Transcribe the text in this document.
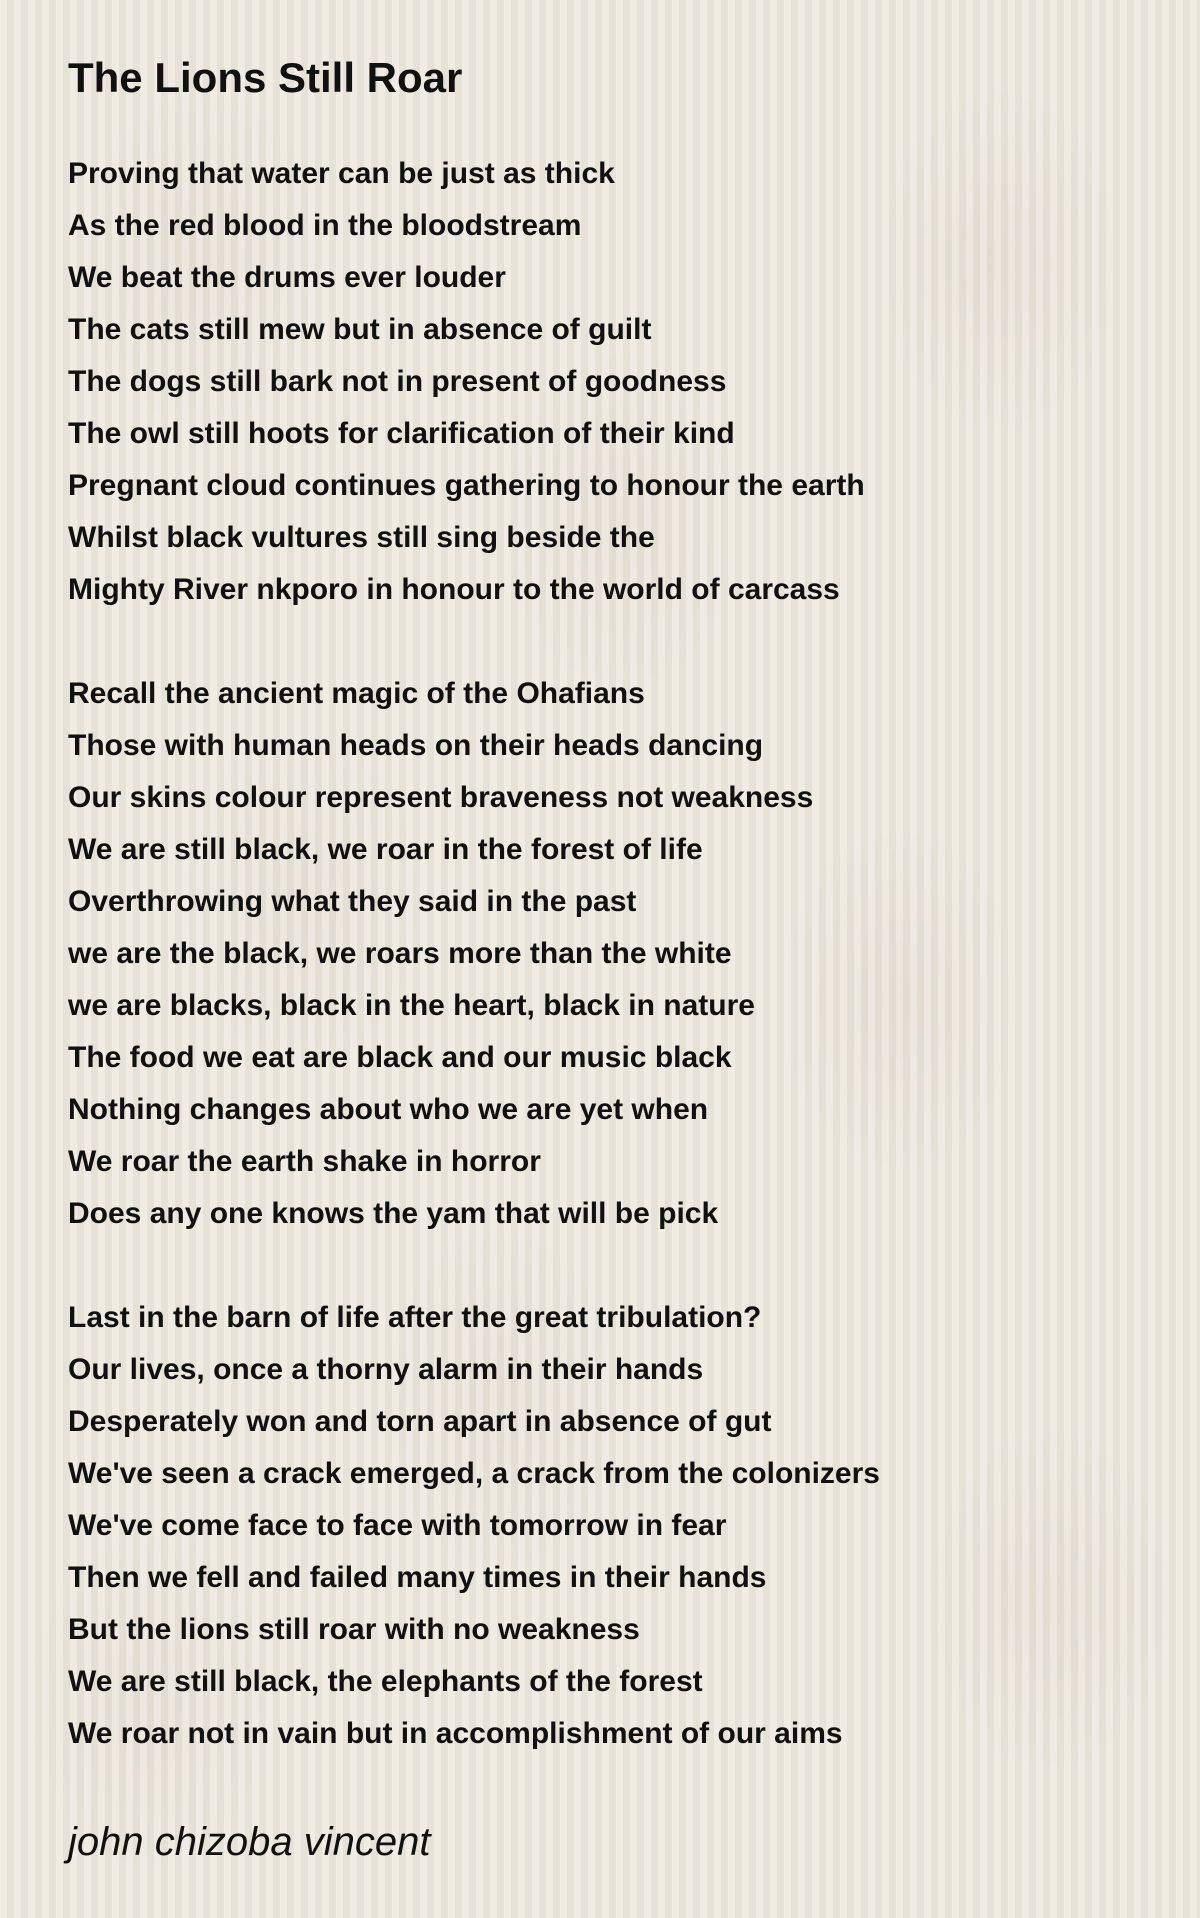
The Lions Still Roar
Proving that water can be just as thick
As the red blood in the bloodstream
We beat the drums ever louder
The cats still mew but in absence of guilt
The dogs still bark not in present of goodness
The owl still hoots for clarification of their kind
Pregnant cloud continues gathering to honour the earth
Whilst black vultures still sing beside the
Mighty River nkporo in honour to the world of carcass
Recall the ancient magic of the Ohafians
Those with human heads on their heads dancing
Our skins colour represent braveness not weakness
We are still black, we roar in the forest of life
Overthrowing what they said in the past
we are the black, we roars more than the white
we are blacks, black in the heart, black in nature
The food we eat are black and our music black
Nothing changes about who we are yet when
We roar the earth shake in horror
Does any one knows the yam that will be pick
Last in the barn of life after the great tribulation?
Our lives, once a thorny alarm in their hands
Desperately won and torn apart in absence of gut
We've seen a crack emerged, a crack from the colonizers
We've come face to face with tomorrow in fear
Then we fell and failed many times in their hands
But the lions still roar with no weakness
We are still black, the elephants of the forest
We roar not in vain but in accomplishment of our aims
john chizoba vincent
